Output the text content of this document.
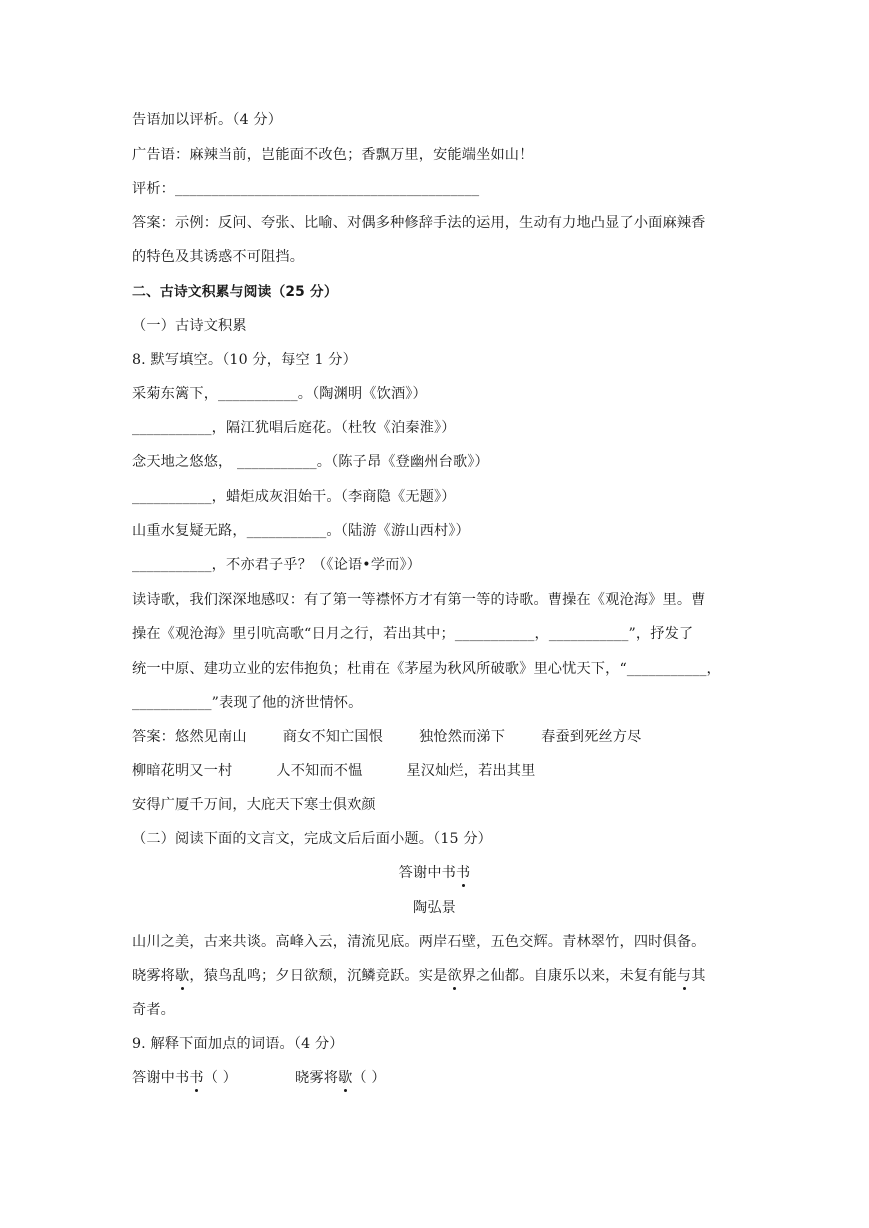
告语加以评析。（4 分）
广告语：麻辣当前，岂能面不改色；香飘万里，安能端坐如山！
评析：__________________________________________
答案：示例：反问、夸张、比喻、对偶多种修辞手法的运用，生动有力地凸显了小面麻辣香
的特色及其诱惑不可阻挡。
二、古诗文积累与阅读（25 分）
（一）古诗文积累
8. 默写填空。（10 分，每空 1 分）
采菊东篱下，___________。（陶渊明《饮酒》）
___________，隔江犹唱后庭花。（杜牧《泊秦淮》）
念天地之悠悠， ___________。（陈子昂《登幽州台歌》）
___________，蜡炬成灰泪始干。（李商隐《无题》）
山重水复疑无路，___________。（陆游《游山西村》）
___________，不亦君子乎？（《论语•学而》）
读诗歌，我们深深地感叹：有了第一等襟怀方才有第一等的诗歌。曹操在《观沧海》里。曹
操在《观沧海》里引吭高歌“日月之行，若出其中；___________，___________”，抒发了
统一中原、建功立业的宏伟抱负；杜甫在《茅屋为秋风所破歌》里心忧天下，“___________，
___________”表现了他的济世情怀。
答案：悠然见南山	商女不知亡国恨	独怆然而涕下	春蚕到死丝方尽
柳暗花明又一村	人不知而不愠	星汉灿烂，若出其里
安得广厦千万间，大庇天下寒士俱欢颜
（二）阅读下面的文言文，完成文后后面小题。（15 分）
答谢中书书
陶弘景
山川之美，古来共谈。高峰入云，清流见底。两岸石壁，五色交辉。青林翠竹，四时俱备。
晓雾将歇，猿鸟乱鸣；夕日欲颓，沉鳞竞跃。实是欲界之仙都。自康乐以来，未复有能与其
奇者。
9. 解释下面加点的词语。（4 分）
答谢中书书（ ）	晓雾将歇（ ）
